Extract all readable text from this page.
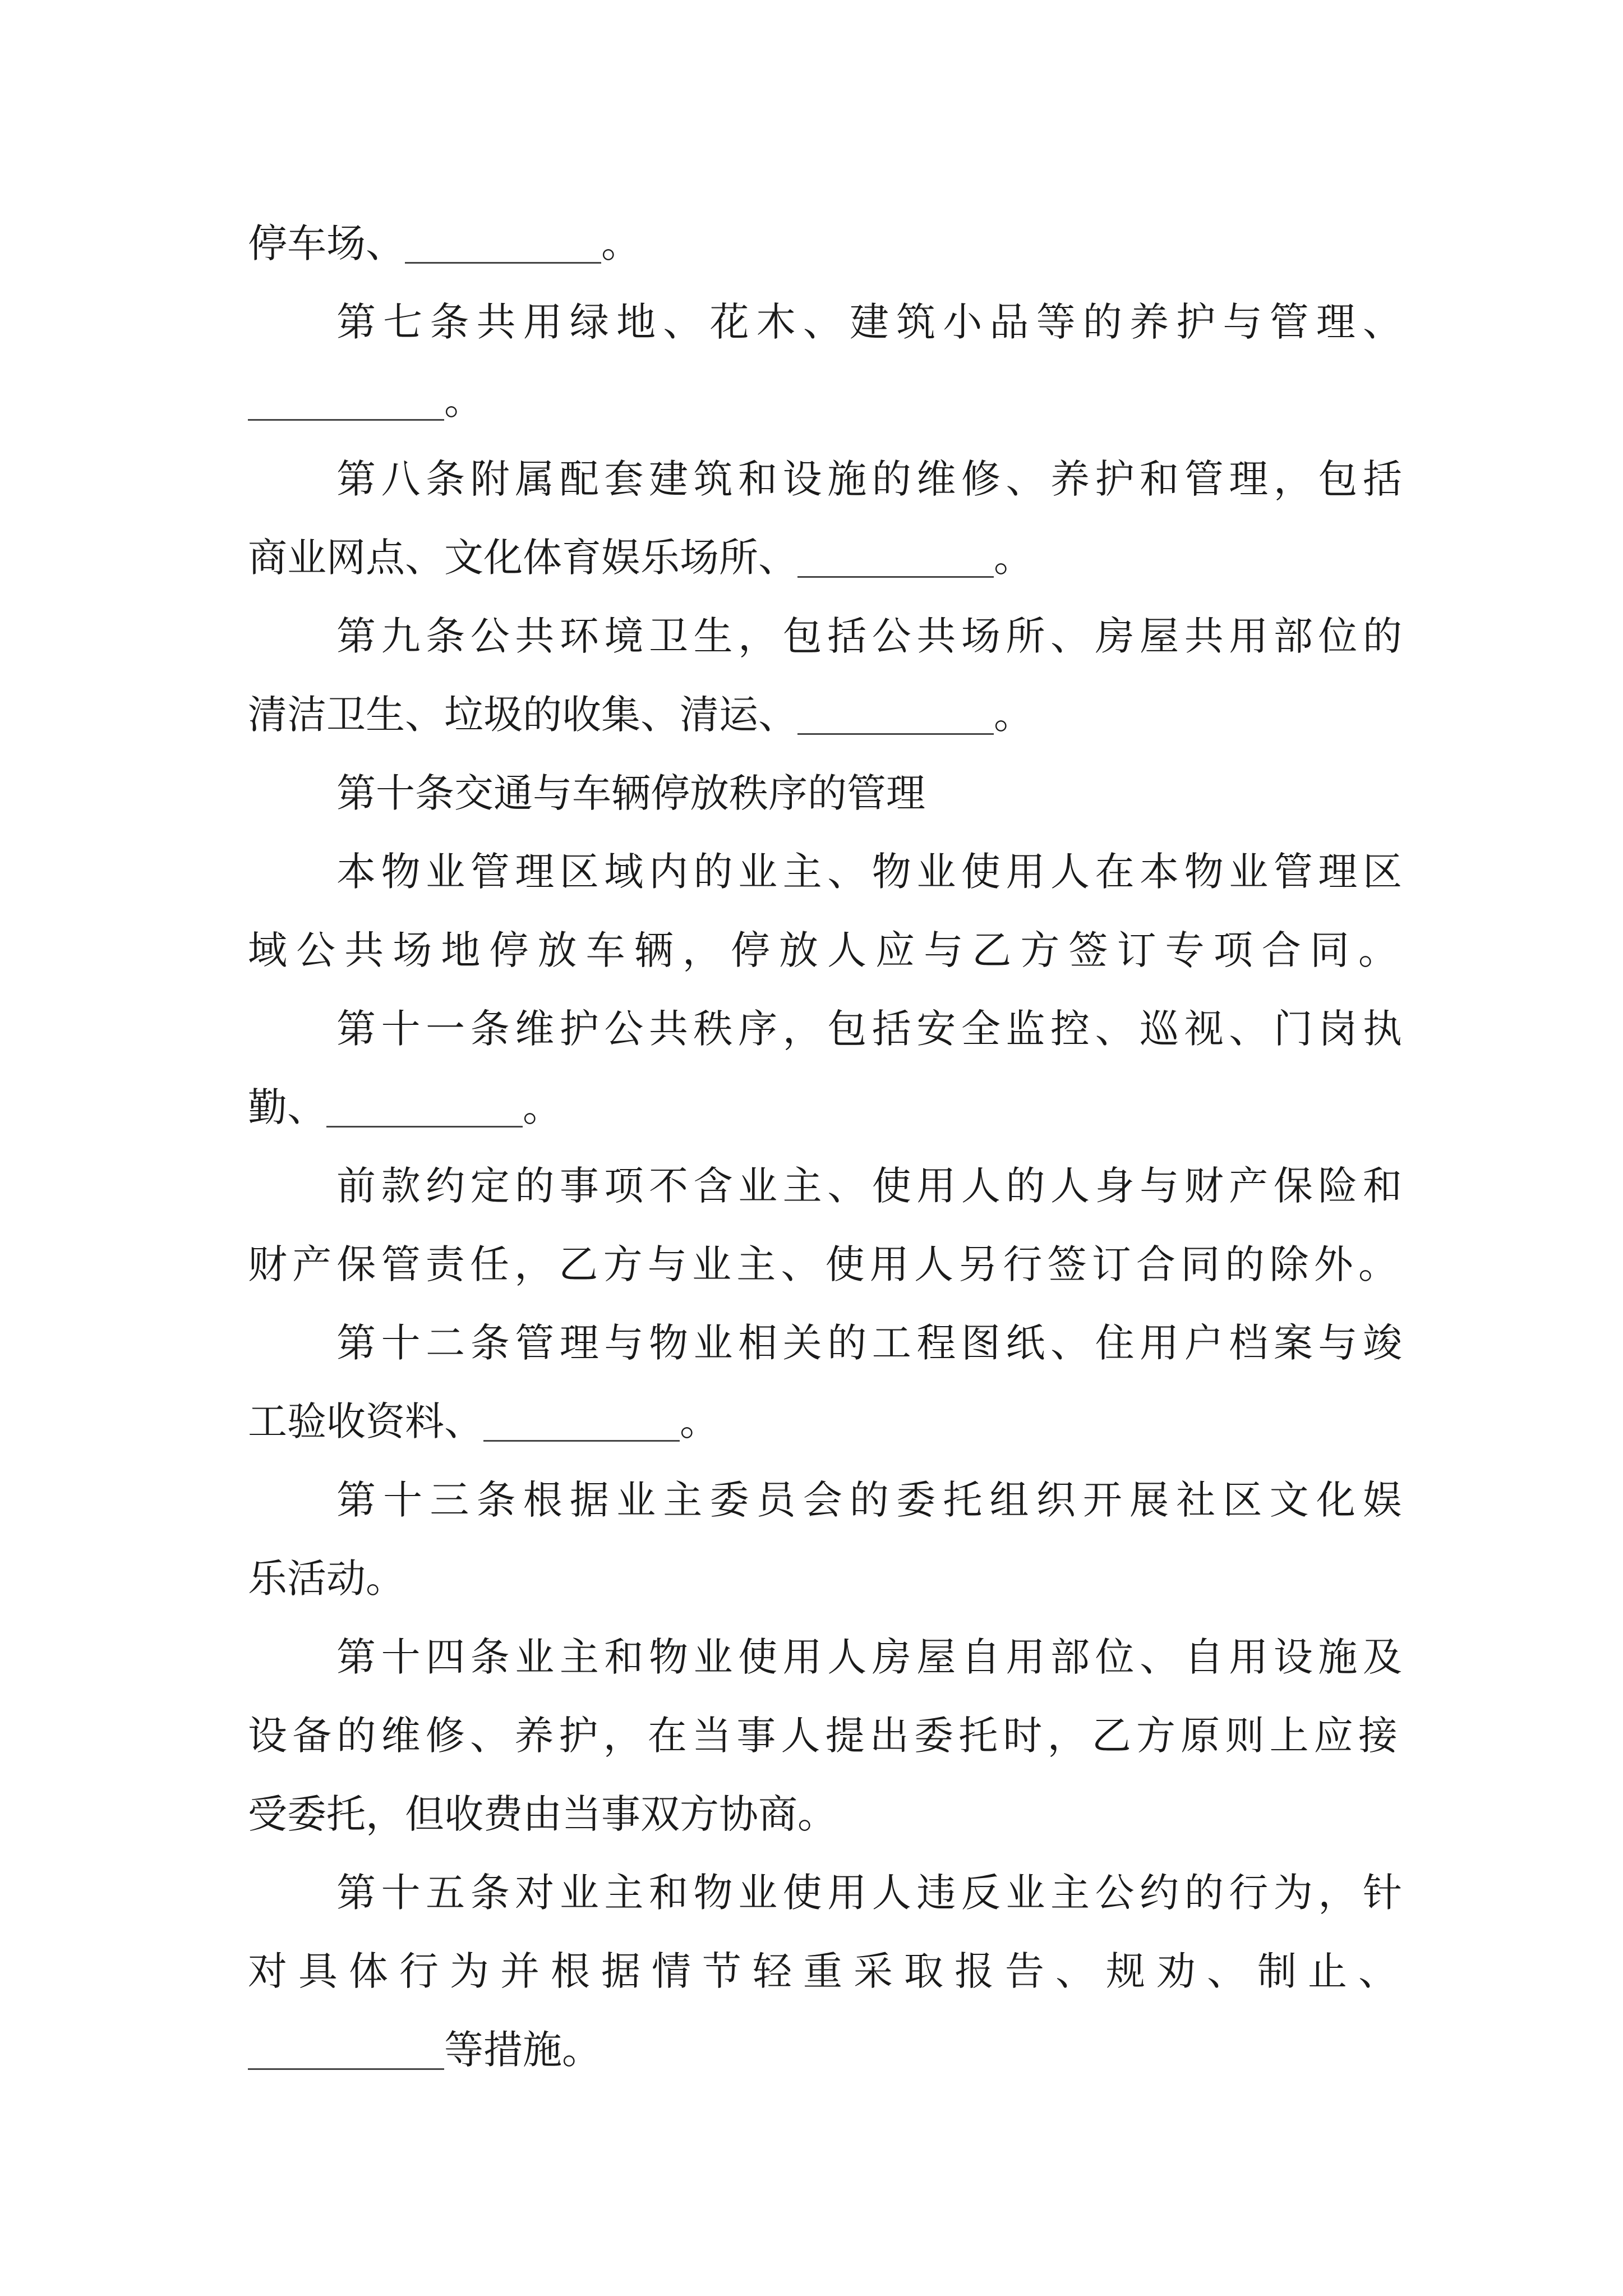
停车场、	。
第七条共用绿地、花木、建筑小品等的养护与管理、
。
第八条附属配套建筑和设施的维修、养护和管理，包括
商业网点、文化体育娱乐场所、	。
第九条公共环境卫生，包括公共场所、房屋共用部位的
清洁卫生、垃圾的收集、清运、	。
第十条交通与车辆停放秩序的管理
本物业管理区域内的业主、物业使用人在本物业管理区
域公共场地停放车辆，停放人应与乙方签订专项合同。
第十一条维护公共秩序，包括安全监控、巡视、门岗执
勤、	。
前款约定的事项不含业主、使用人的人身与财产保险和
财产保管责任，乙方与业主、使用人另行签订合同的除外。
第十二条管理与物业相关的工程图纸、住用户档案与竣
工验收资料、	。
第十三条根据业主委员会的委托组织开展社区文化娱
乐活动。
第十四条业主和物业使用人房屋自用部位、自用设施及
设备的维修、养护，在当事人提出委托时，乙方原则上应接
受委托，但收费由当事双方协商。
第十五条对业主和物业使用人违反业主公约的行为，针
对具体行为并根据情节轻重采取报告、规劝、制止、
等措施。
